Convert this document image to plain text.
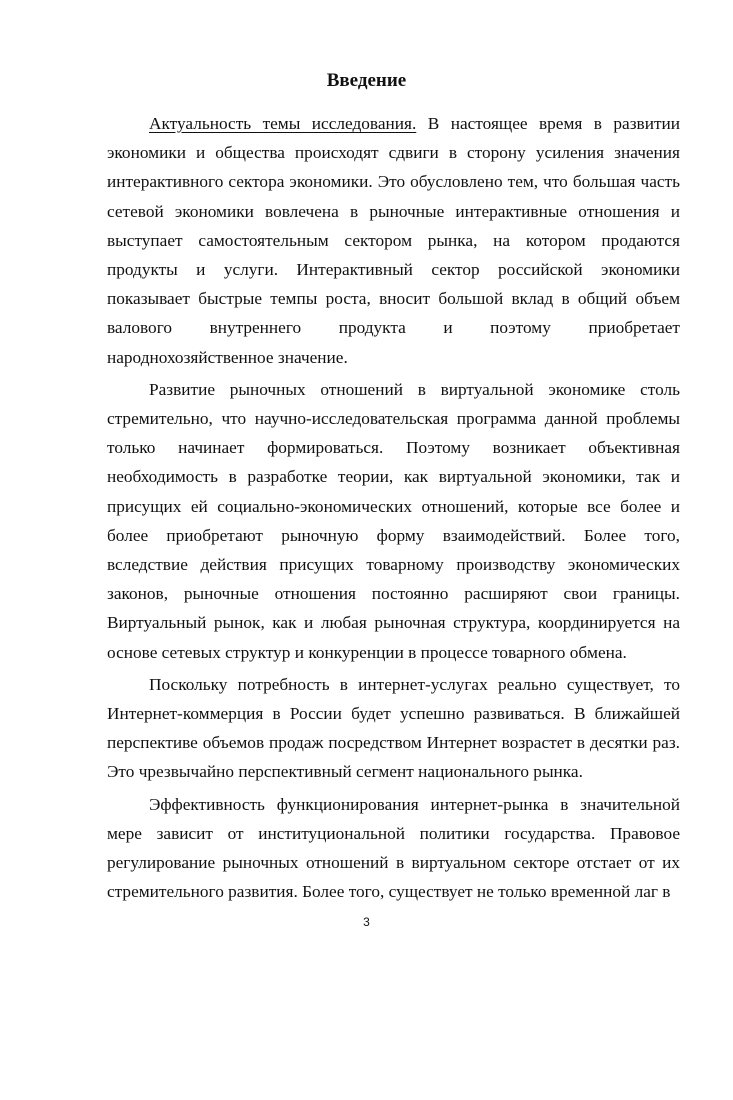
Введение

Актуальность темы исследования. В настоящее время в развитии экономики и общества происходят сдвиги в сторону усиления значения интерактивного сектора экономики. Это обусловлено тем, что большая часть сетевой экономики вовлечена в рыночные интерактивные отношения и выступает самостоятельным сектором рынка, на котором продаются продукты и услуги. Интерактивный сектор российской экономики показывает быстрые темпы роста, вносит большой вклад в общий объем валового внутреннего продукта и поэтому приобретает народнохозяйственное значение.

Развитие рыночных отношений в виртуальной экономике столь стремительно, что научно-исследовательская программа данной проблемы только начинает формироваться. Поэтому возникает объективная необходимость в разработке теории, как виртуальной экономики, так и присущих ей социально-экономических отношений, которые все более и более приобретают рыночную форму взаимодействий. Более того, вследствие действия присущих товарному производству экономических законов, рыночные отношения постоянно расширяют свои границы. Виртуальный рынок, как и любая рыночная структура, координируется на основе сетевых структур и конкуренции в процессе товарного обмена.

Поскольку потребность в интернет-услугах реально существует, то Интернет-коммерция в России будет успешно развиваться. В ближайшей перспективе объемов продаж посредством Интернет возрастет в десятки раз. Это чрезвычайно перспективный сегмент национального рынка.

Эффективность функционирования интернет-рынка в значительной мере зависит от институциональной политики государства. Правовое регулирование рыночных отношений в виртуальном секторе отстает от их стремительного развития. Более того, существует не только временной лаг в

3
